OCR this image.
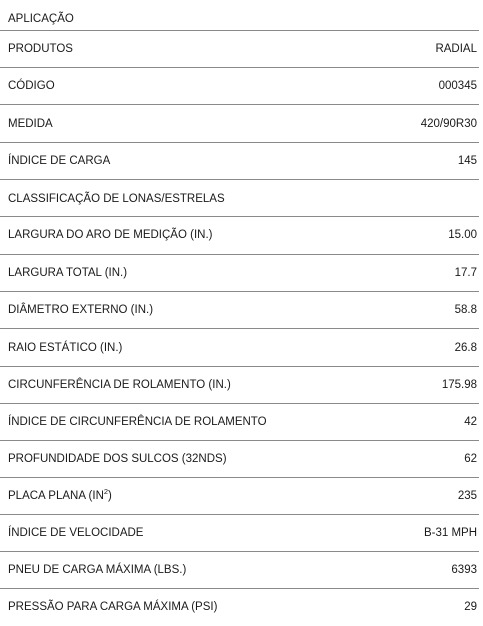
APLICAÇÃO
PRODUTOS	RADIAL
CÓDIGO	000345
MEDIDA	420/90R30
ÍNDICE DE CARGA	145
CLASSIFICAÇÃO DE LONAS/ESTRELAS
LARGURA DO ARO DE MEDIÇÃO (IN.)	15.00
LARGURA TOTAL (IN.)	17.7
DIÂMETRO EXTERNO (IN.)	58.8
RAIO ESTÁTICO (IN.)	26.8
CIRCUNFERÊNCIA DE ROLAMENTO (IN.)	175.98
ÍNDICE DE CIRCUNFERÊNCIA DE ROLAMENTO	42
PROFUNDIDADE DOS SULCOS (32NDS)	62
PLACA PLANA $(IN^2)$	235
ÍNDICE DE VELOCIDADE	B-31 MPH
PNEU DE CARGA MÁXIMA (LBS.)	6393
PRESSÃO PARA CARGA MÁXIMA (PSI)	29
